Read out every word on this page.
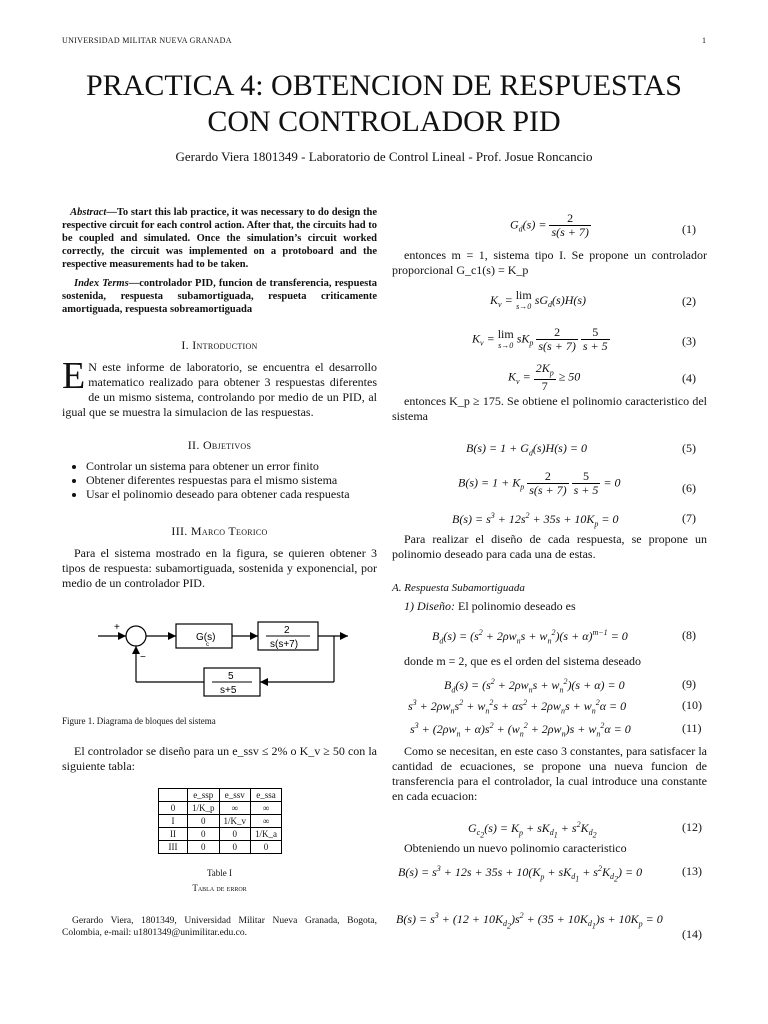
UNIVERSIDAD MILITAR NUEVA GRANADA	1
PRACTICA 4: OBTENCION DE RESPUESTAS
CON CONTROLADOR PID
Gerardo Viera 1801349 - Laboratorio de Control Lineal - Prof. Josue Roncancio
Abstract—To start this lab practice, it was necessary to do design the respective circuit for each control action. After that, the circuits had to be coupled and simulated. Once the simulation’s circuit worked correctly, the circuit was implemented on a protoboard and the respective measurements had to be taken.
Index Terms—controlador PID, funcion de transferencia, respuesta sostenida, respuesta subamortiguada, respueta criticamente amortiguada, respuesta sobreamortiguada
I. Introduction
E N este informe de laboratorio, se encuentra el desarrollo matematico realizado para obtener 3 respuestas diferentes de un mismo sistema, controlando por medio de un PID, al igual que se muestra la simulacion de las respuestas.
II. Objetivos
• Controlar un sistema para obtener un error finito
• Obtener diferentes respuestas para el mismo sistema
• Usar el polinomio deseado para obtener cada respuesta
III. Marco Teorico
Para el sistema mostrado en la figura, se quieren obtener 3 tipos de respuesta: subamortiguada, sostenida y exponencial, por medio de un controlador PID.
+
−
G(s)
c
2
s(s+7)
5
s+5
Figure 1. Diagrama de bloques del sistema
El controlador se diseño para un e_ssv ≤ 2% o K_v ≥ 50 con la siguiente tabla:
	e_ssp	e_ssv	e_ssa
0	1/K_p	∞	∞
I	0	1/K_v	∞
II	0	0	1/K_a
III	0	0	0
Table I
Tabla de error
Gerardo Viera, 1801349, Universidad Militar Nueva Granada, Bogota, Colombia, e-mail: u1801349@unimilitar.edu.co.
$G_d(s) = \frac{2}{s(s + 7)}$	(1)
entonces m = 1, sistema tipo I. Se propone un controlador proporcional G_c1(s) = K_p
$K_v = \lim$
s→0 $sG_d(s)H(s)$	(2)
$K_v = \lim$
s→0 $sK_p \frac{2}{s(s + 7)}$
$\frac{5}{s + 5}$	(3)
$K_v = \frac{2K_p}{7} \ge 50$	(4)
entonces K_p ≥ 175. Se obtiene el polinomio caracteristico del sistema
$B(s) = 1 + G_d(s)H(s) = 0$	(5)
$B(s) = 1 + K_p \frac{2}{s(s + 7)}$
$\frac{5}{s + 5} = 0$	(6)
$B(s) = s^3 + 12s^2 + 35s + 10K_p = 0$	(7)
Para realizar el diseño de cada respuesta, se propone un polinomio deseado para cada una de estas.
A. Respuesta Subamortiguada
1) Diseño: El polinomio deseado es
$B_d(s) = (s^2 + 2\rho w_ns + w_n^2)(s + \alpha)^{m-1} = 0$	(8)
donde m = 2, que es el orden del sistema deseado
$B_d(s) = (s^2 + 2\rho w_ns + w_n^2)(s + \alpha) = 0$	(9)
$s^3 + 2\rho w_ns^2 + w_n^2s + \alpha s^2 + 2\rho w_ns + w_n^2\alpha = 0$	(10)
$s^3 + (2\rho w_n + \alpha)s^2 + (w_n^2 + 2\rho w_n)s + w_n^2\alpha = 0$	(11)
Como se necesitan, en este caso 3 constantes, para satisfacer la cantidad de ecuaciones, se propone una nueva funcion de transferencia para el controlador, la cual introduce una constante en cada ecuacion:
$G_{c_2}(s) = K_p + sK_{d_1} + s^2K_{d_2}$
(12)
Obteniendo un nuevo polinomio caracteristico
$B(s) = s^3 + 12s + 35s + 10(K_p + sK_{d_1} + s^2K_{d_2}) = 0$	(13)
$B(s) = s^3 + (12 + 10K_{d_2})s^2 + (35 + 10K_{d_1})s + 10K_p = 0$
(14)
